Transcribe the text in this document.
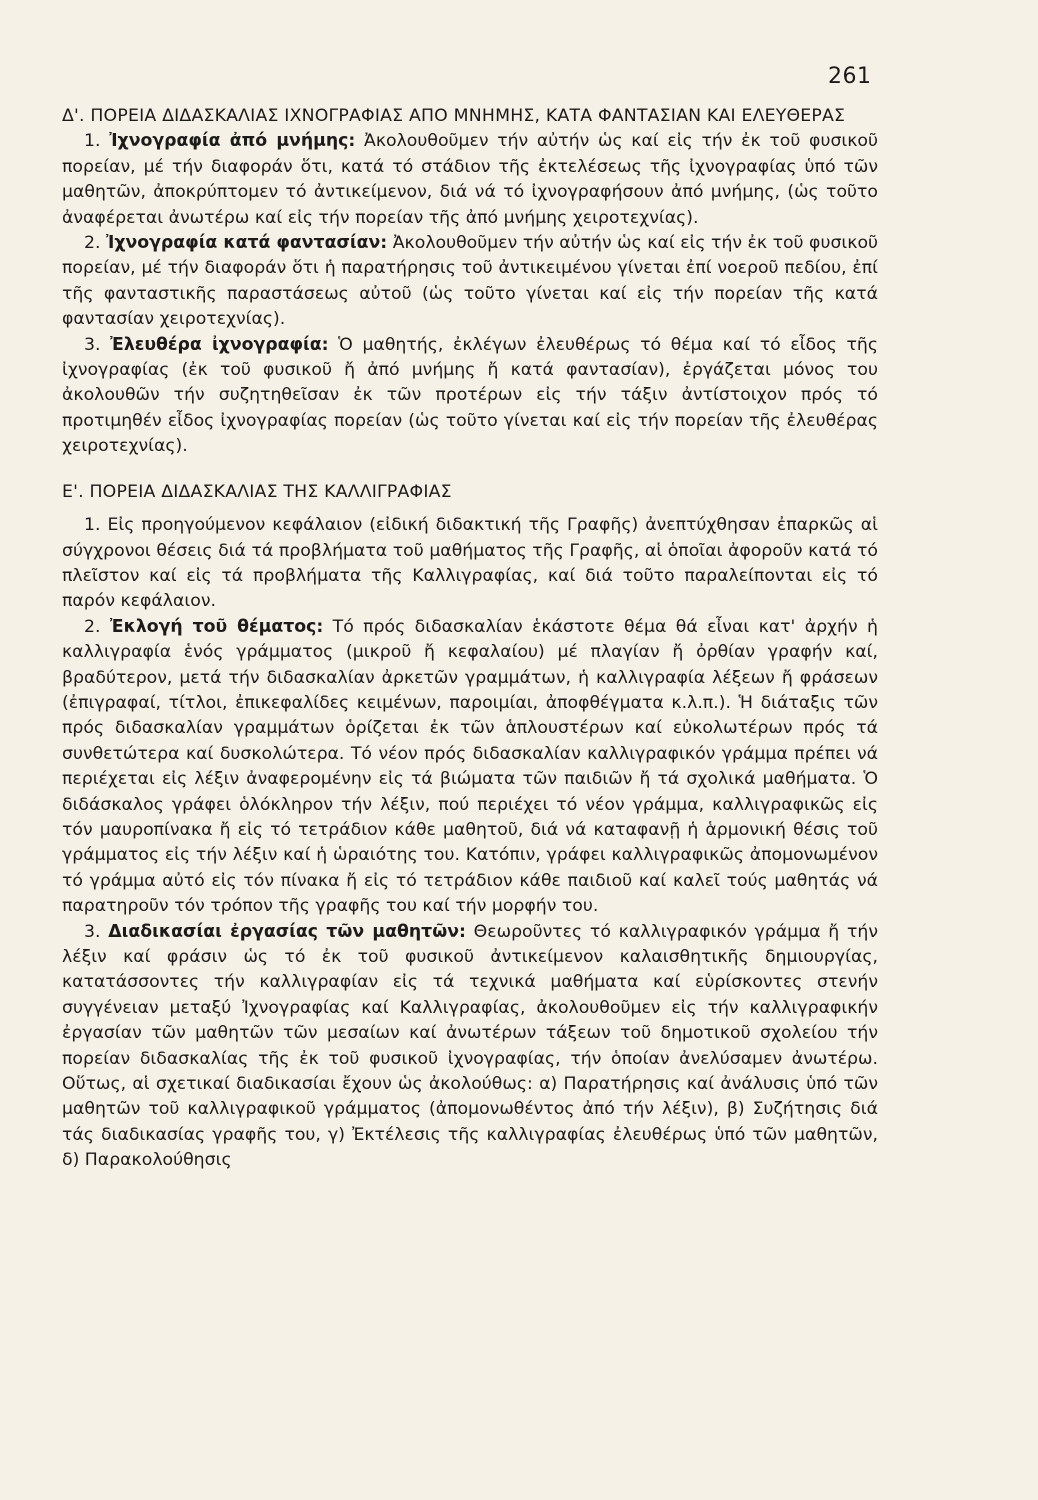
261
Δ'. ΠΟΡΕΙΑ ΔΙΔΑΣΚΑΛΙΑΣ ΙΧΝΟΓΡΑΦΙΑΣ ΑΠΟ ΜΝΗΜΗΣ, ΚΑΤΑ ΦΑΝΤΑΣΙΑΝ ΚΑΙ ΕΛΕΥΘΕΡΑΣ

1. Ἰχνογραφία ἀπό μνήμης: Ἀκολουθοῦμεν τήν αὐτήν ὡς καί εἰς τήν ἐκ τοῦ φυσικοῦ πορείαν, μέ τήν διαφοράν ὅτι, κατά τό στάδιον τῆς ἐκτελέσεως τῆς ἰχνογραφίας ὑπό τῶν μαθητῶν, ἀποκρύπτομεν τό ἀντικείμενον, διά νά τό ἰχνογραφήσουν ἀπό μνήμης, (ὡς τοῦτο ἀναφέρεται ἀνωτέρω καί εἰς τήν πορείαν τῆς ἀπό μνήμης χειροτεχνίας).

2. Ἰχνογραφία κατά φαντασίαν: Ἀκολουθοῦμεν τήν αὐτήν ὡς καί εἰς τήν ἐκ τοῦ φυσικοῦ πορείαν, μέ τήν διαφοράν ὅτι ἡ παρατήρησις τοῦ ἀντικειμένου γίνεται ἐπί νοεροῦ πεδίου, ἐπί τῆς φανταστικῆς παραστάσεως αὐτοῦ (ὡς τοῦτο γίνεται καί εἰς τήν πορείαν τῆς κατά φαντασίαν χειροτεχνίας).

3. Ἐλευθέρα ἰχνογραφία: Ὁ μαθητής, ἐκλέγων ἐλευθέρως τό θέμα καί τό εἶδος τῆς ἰχνογραφίας (ἐκ τοῦ φυσικοῦ ἤ ἀπό μνήμης ἤ κατά φαντασίαν), ἐργάζεται μόνος του ἀκολουθῶν τήν συζητηθεῖσαν ἐκ τῶν προτέρων εἰς τήν τάξιν ἀντίστοιχον πρός τό προτιμηθέν εἶδος ἰχνογραφίας πορείαν (ὡς τοῦτο γίνεται καί εἰς τήν πορείαν τῆς ἐλευθέρας χειροτεχνίας).

Ε'. ΠΟΡΕΙΑ ΔΙΔΑΣΚΑΛΙΑΣ ΤΗΣ ΚΑΛΛΙΓΡΑΦΙΑΣ

1. Εἰς προηγούμενον κεφάλαιον (εἰδική διδακτική τῆς Γραφῆς) ἀνεπτύχθησαν ἐπαρκῶς αἱ σύγχρονοι θέσεις διά τά προβλήματα τοῦ μαθήματος τῆς Γραφῆς, αἱ ὁποῖαι ἀφοροῦν κατά τό πλεῖστον καί εἰς τά προβλήματα τῆς Καλλιγραφίας, καί διά τοῦτο παραλείπονται εἰς τό παρόν κεφάλαιον.

2. Ἐκλογή τοῦ θέματος: Τό πρός διδασκαλίαν ἑκάστοτε θέμα θά εἶναι κατ' ἀρχήν ἡ καλλιγραφία ἑνός γράμματος (μικροῦ ἤ κεφαλαίου) μέ πλαγίαν ἤ ὀρθίαν γραφήν καί, βραδύτερον, μετά τήν διδασκαλίαν ἀρκετῶν γραμμάτων, ἡ καλλιγραφία λέξεων ἤ φράσεων (ἐπιγραφαί, τίτλοι, ἐπικεφαλίδες κειμένων, παροιμίαι, ἀποφθέγματα κ.λ.π.). Ἡ διάταξις τῶν πρός διδασκαλίαν γραμμάτων ὁρίζεται ἐκ τῶν ἁπλουστέρων καί εὐκολωτέρων πρός τά συνθετώτερα καί δυσκολώτερα. Τό νέον πρός διδασκαλίαν καλλιγραφικόν γράμμα πρέπει νά περιέχεται εἰς λέξιν ἀναφερομένην εἰς τά βιώματα τῶν παιδιῶν ἤ τά σχολικά μαθήματα. Ὁ διδάσκαλος γράφει ὁλόκληρον τήν λέξιν, πού περιέχει τό νέον γράμμα, καλλιγραφικῶς εἰς τόν μαυροπίνακα ἤ εἰς τό τετράδιον κάθε μαθητοῦ, διά νά καταφανῇ ἡ ἁρμονική θέσις τοῦ γράμματος εἰς τήν λέξιν καί ἡ ὡραιότης του. Κατόπιν, γράφει καλλιγραφικῶς ἀπομονωμένον τό γράμμα αὐτό εἰς τόν πίνακα ἤ εἰς τό τετράδιον κάθε παιδιοῦ καί καλεῖ τούς μαθητάς νά παρατηροῦν τόν τρόπον τῆς γραφῆς του καί τήν μορφήν του.

3. Διαδικασίαι ἐργασίας τῶν μαθητῶν: Θεωροῦντες τό καλλιγραφικόν γράμμα ἤ τήν λέξιν καί φράσιν ὡς τό ἐκ τοῦ φυσικοῦ ἀντικείμενον καλαισθητικῆς δημιουργίας, κατατάσσοντες τήν καλλιγραφίαν εἰς τά τεχνικά μαθήματα καί εὑρίσκοντες στενήν συγγένειαν μεταξύ Ἰχνογραφίας καί Καλλιγραφίας, ἀκολουθοῦμεν εἰς τήν καλλιγραφικήν ἐργασίαν τῶν μαθητῶν τῶν μεσαίων καί ἀνωτέρων τάξεων τοῦ δημοτικοῦ σχολείου τήν πορείαν διδασκαλίας τῆς ἐκ τοῦ φυσικοῦ ἰχνογραφίας, τήν ὁποίαν ἀνελύσαμεν ἀνωτέρω. Οὕτως, αἱ σχετικαί διαδικασίαι ἔχουν ὡς ἀκολούθως: α) Παρατήρησις καί ἀνάλυσις ὑπό τῶν μαθητῶν τοῦ καλλιγραφικοῦ γράμματος (ἀπομονωθέντος ἀπό τήν λέξιν), β) Συζήτησις διά τάς διαδικασίας γραφῆς του, γ) Ἐκτέλεσις τῆς καλλιγραφίας ἐλευθέρως ὑπό τῶν μαθητῶν, δ) Παρακολούθησις
